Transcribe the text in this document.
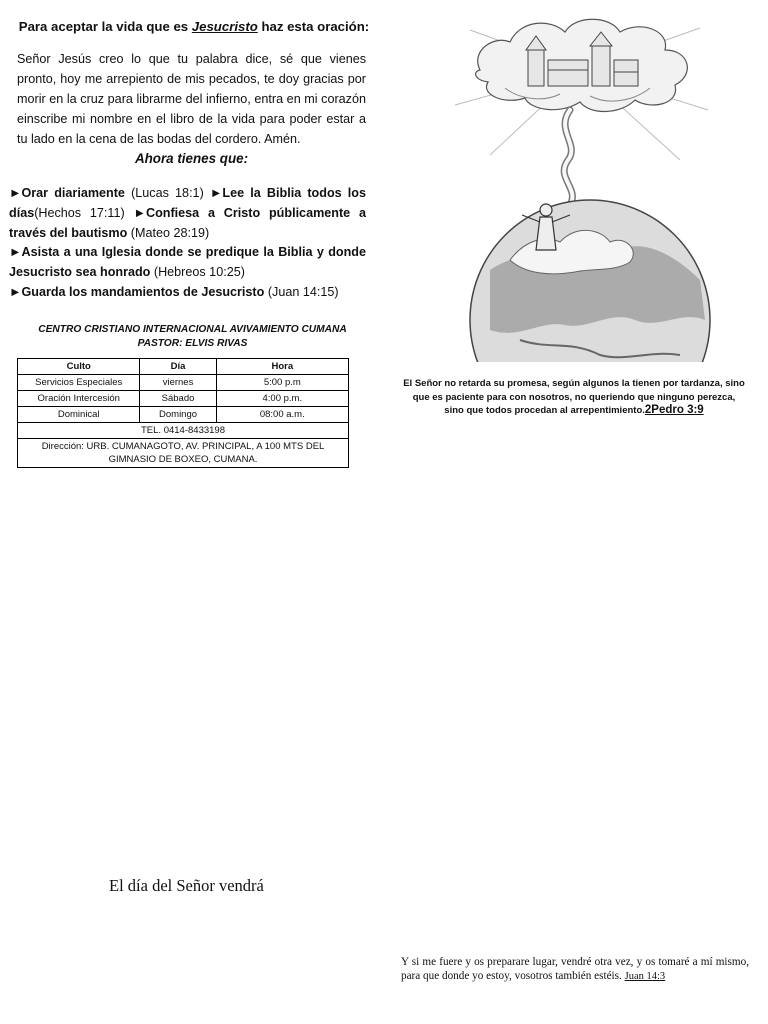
Para aceptar la vida que es Jesucristo haz esta oración:
Señor Jesús creo lo que tu palabra dice, sé que vienes pronto, hoy me arrepiento de mis pecados, te doy gracias por morir en la cruz para librarme del infierno, entra en mi corazón einscribe mi nombre en el libro de la vida para poder estar a tu lado en la cena de las bodas del cordero. Amén.
Ahora tienes que:
►Orar diariamente (Lucas 18:1) ►Lee la Biblia todos los días(Hechos 17:11) ►Confiesa a Cristo públicamente a través del bautismo (Mateo 28:19)
►Asista a una Iglesia donde se predique la Biblia y donde Jesucristo sea honrado (Hebreos 10:25)
►Guarda los mandamientos de Jesucristo (Juan 14:15)
CENTRO CRISTIANO INTERNACIONAL AVIVAMIENTO CUMANA
PASTOR: ELVIS RIVAS
Culto	Día	Hora
Servicios Especiales	viernes	5:00 p.m
Oración Intercesión	Sábado	4:00 p.m.
Dominical	Domingo	08:00 a.m.
TEL. 0414-8433198		
Dirección: URB. CUMANAGOTO, AV. PRINCIPAL, A 100 MTS DEL GIMNASIO DE BOXEO, CUMANA.		
El Señor no retarda su promesa, según algunos la tienen por tardanza, sino que es paciente para con nosotros, no queriendo que ninguno perezca, sino que todos procedan al arrepentimiento.2Pedro 3:9
El día del Señor vendrá
Y si me fuere y os preparare lugar, vendré otra vez, y os tomaré a mí mismo, para que donde yo estoy, vosotros también estéis. Juan 14:3
